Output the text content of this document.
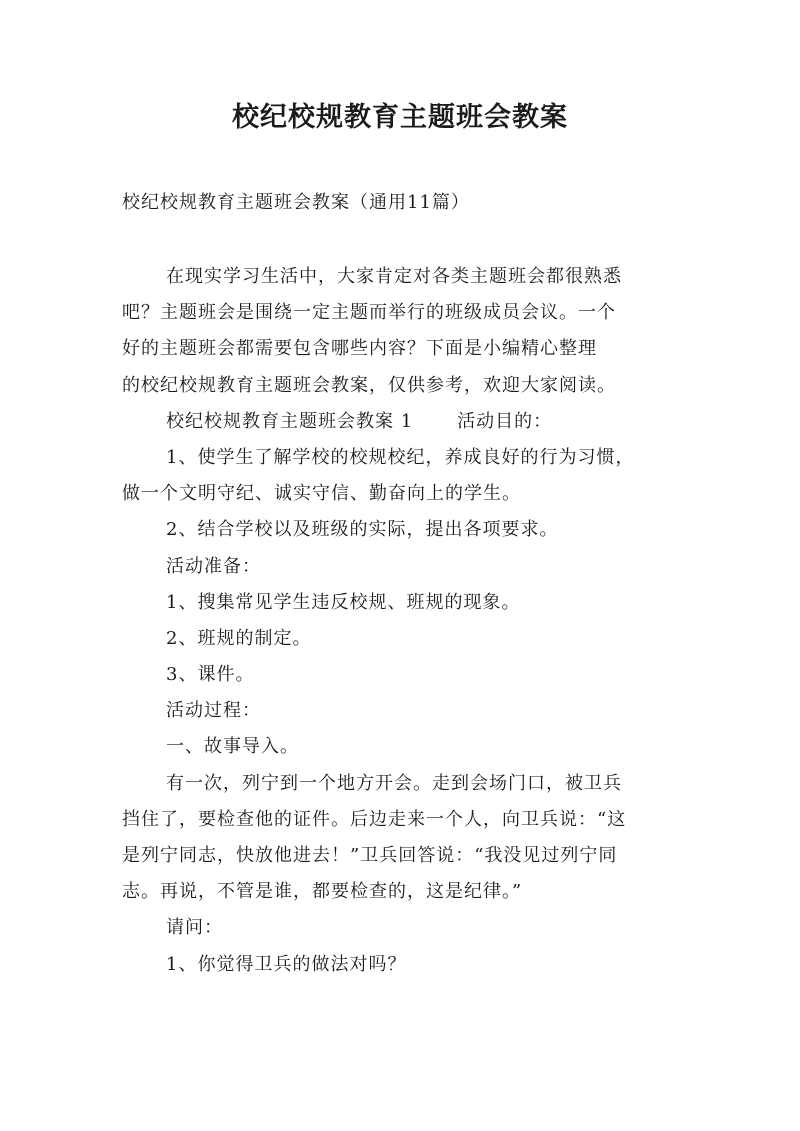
校纪校规教育主题班会教案
校纪校规教育主题班会教案（通用11篇）
在现实学习生活中，大家肯定对各类主题班会都很熟悉
吧？主题班会是围绕一定主题而举行的班级成员会议。一个
好的主题班会都需要包含哪些内容？下面是小编精心整理
的校纪校规教育主题班会教案，仅供参考，欢迎大家阅读。
校纪校规教育主题班会教案 1 活动目的：
1、使学生了解学校的校规校纪，养成良好的行为习惯，
做一个文明守纪、诚实守信、勤奋向上的学生。
2、结合学校以及班级的实际，提出各项要求。
活动准备：
1、搜集常见学生违反校规、班规的现象。
2、班规的制定。
3、课件。
活动过程：
一、故事导入。
有一次，列宁到一个地方开会。走到会场门口，被卫兵
挡住了，要检查他的证件。后边走来一个人，向卫兵说：“这
是列宁同志，快放他进去！”卫兵回答说：“我没见过列宁同
志。再说，不管是谁，都要检查的，这是纪律。”
请问：
1、你觉得卫兵的做法对吗？
